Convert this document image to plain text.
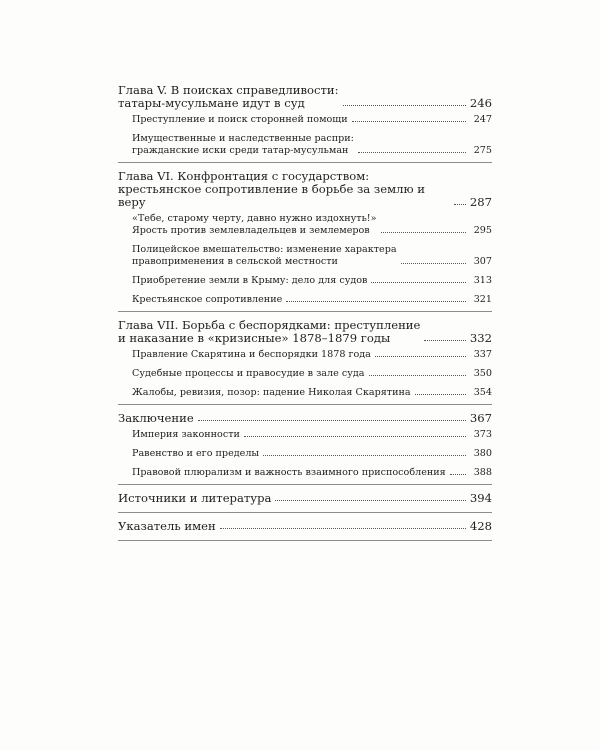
Глава V. В поисках справедливости:
татары-мусульмане идут в суд	246
Преступление и поиск сторонней помощи	247
Имущественные и наследственные распри:
гражданские иски среди татар-мусульман	275
Глава VI. Конфронтация с государством:
крестьянское сопротивление в борьбе за землю и веру	287
«Тебе, старому черту, давно нужно издохнуть!»
Ярость против землевладельцев и землемеров	295
Полицейское вмешательство: изменение характера
правоприменения в сельской местности	307
Приобретение земли в Крыму: дело для судов	313
Крестьянское сопротивление	321
Глава VII. Борьба с беспорядками: преступление
и наказание в «кризисные» 1878–1879 годы	332
Правление Скарятина и беспорядки 1878 года	337
Судебные процессы и правосудие в зале суда	350
Жалобы, ревизия, позор: падение Николая Скарятина	354
Заключение	367
Империя законности	373
Равенство и его пределы	380
Правовой плюрализм и важность взаимного приспособления	388
Источники и литература	394
Указатель имен	428
